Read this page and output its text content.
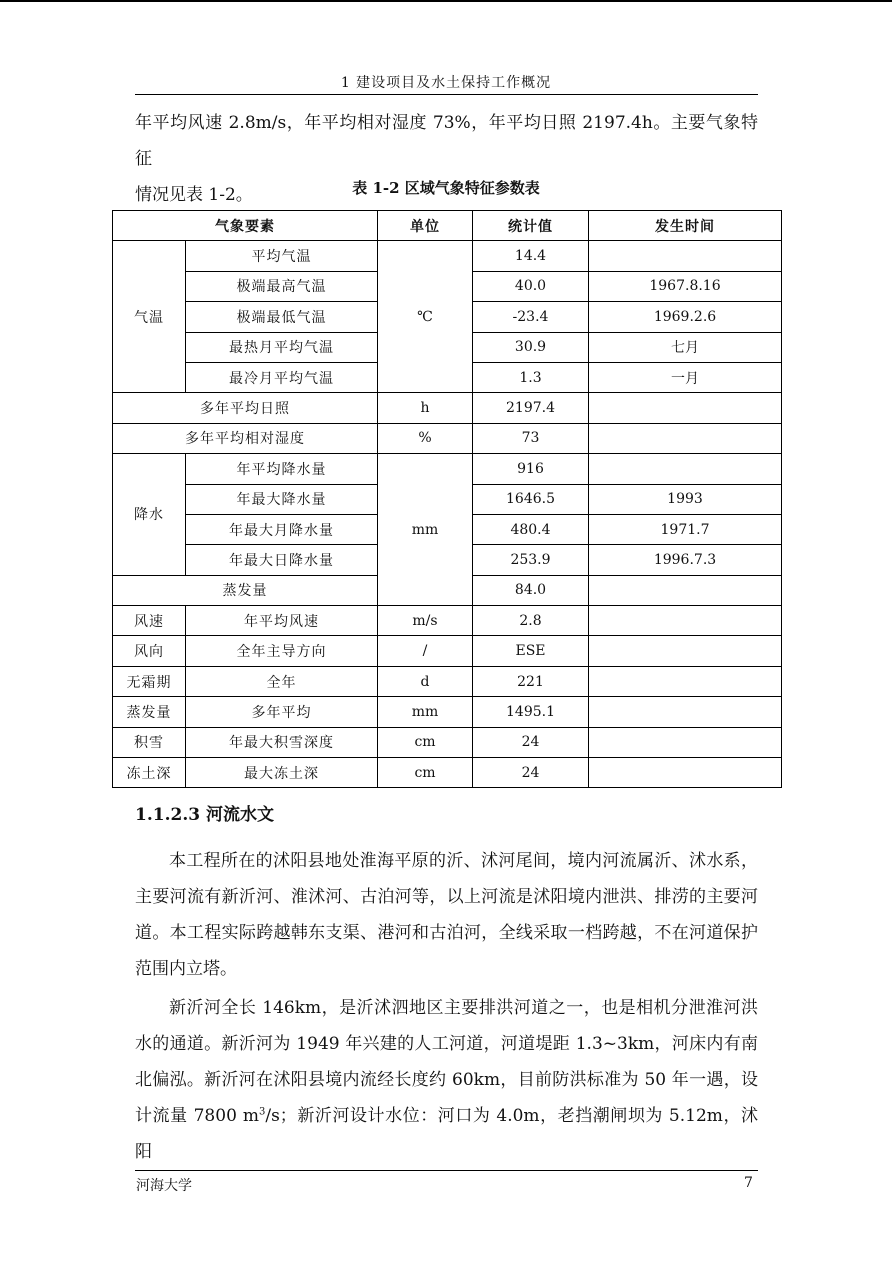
1 建设项目及水土保持工作概况

年平均风速 2.8m/s，年平均相对湿度 73%，年平均日照 2197.4h。主要气象特征
情况见表 1-2。	表 1-2 区域气象特征参数表
气象要素		单位	统计值	发生时间
气温	平均气温	℃	14.4	
	极端最高气温		40.0	1967.8.16
	极端最低气温		-23.4	1969.2.6
	最热月平均气温		30.9	七月
	最冷月平均气温		1.3	一月
多年平均日照		h	2197.4	
多年平均相对湿度		%	73	
降水	年平均降水量	mm	916	
	年最大降水量		1646.5	1993
	年最大月降水量		480.4	1971.7
	年最大日降水量		253.9	1996.7.3
蒸发量			84.0	
风速	年平均风速	m/s	2.8	
风向	全年主导方向	/	ESE	
无霜期	全年	d	221	
蒸发量	多年平均	mm	1495.1	
积雪	年最大积雪深度	cm	24	
冻土深	最大冻土深	cm	24	
1.1.2.3 河流水文

本工程所在的沭阳县地处淮海平原的沂、沭河尾间，境内河流属沂、沭水系，主要河流有新沂河、淮沭河、古泊河等，以上河流是沭阳境内泄洪、排涝的主要河道。本工程实际跨越韩东支渠、港河和古泊河，全线采取一档跨越，不在河道保护范围内立塔。

新沂河全长 146km，是沂沭泗地区主要排洪河道之一，也是相机分泄淮河洪水的通道。新沂河为 1949 年兴建的人工河道，河道堤距 1.3~3km，河床内有南北偏泓。新沂河在沭阳县境内流经长度约 60km，目前防洪标准为 50 年一遇，设计流量 7800 $m^3/s$；新沂河设计水位：河口为 4.0m，老挡潮闸坝为 5.12m，沭阳

河海大学	7
